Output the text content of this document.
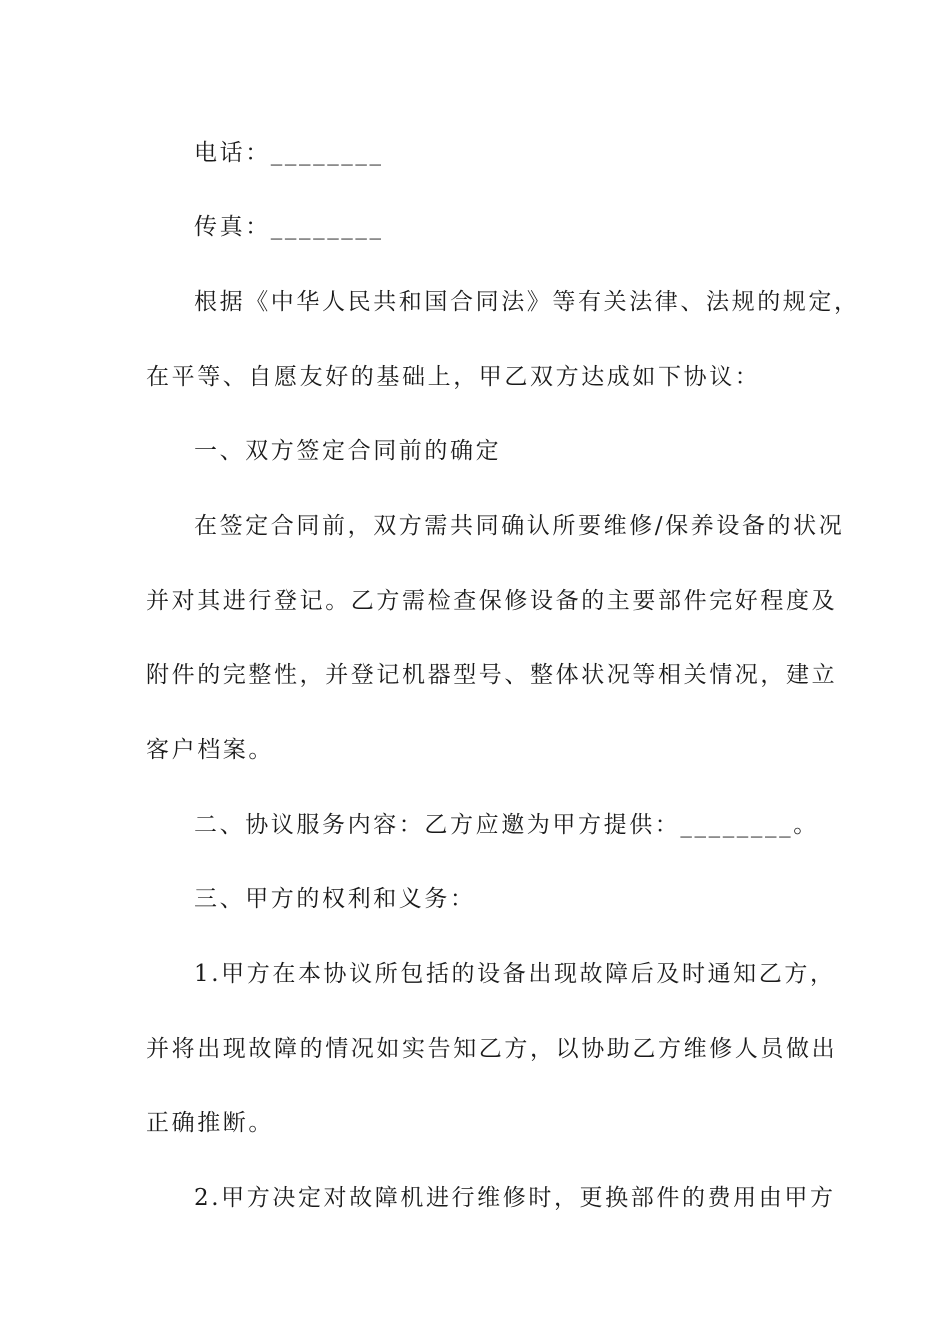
电话：________
传真：________
根据《中华人民共和国合同法》等有关法律、法规的规定，
在平等、自愿友好的基础上，甲乙双方达成如下协议：
一、双方签定合同前的确定
在签定合同前，双方需共同确认所要维修/保养设备的状况
并对其进行登记。乙方需检查保修设备的主要部件完好程度及
附件的完整性，并登记机器型号、整体状况等相关情况，建立
客户档案。
二、协议服务内容：乙方应邀为甲方提供：________。
三、甲方的权利和义务：
1.甲方在本协议所包括的设备出现故障后及时通知乙方，
并将出现故障的情况如实告知乙方，以协助乙方维修人员做出
正确推断。
2.甲方决定对故障机进行维修时，更换部件的费用由甲方
